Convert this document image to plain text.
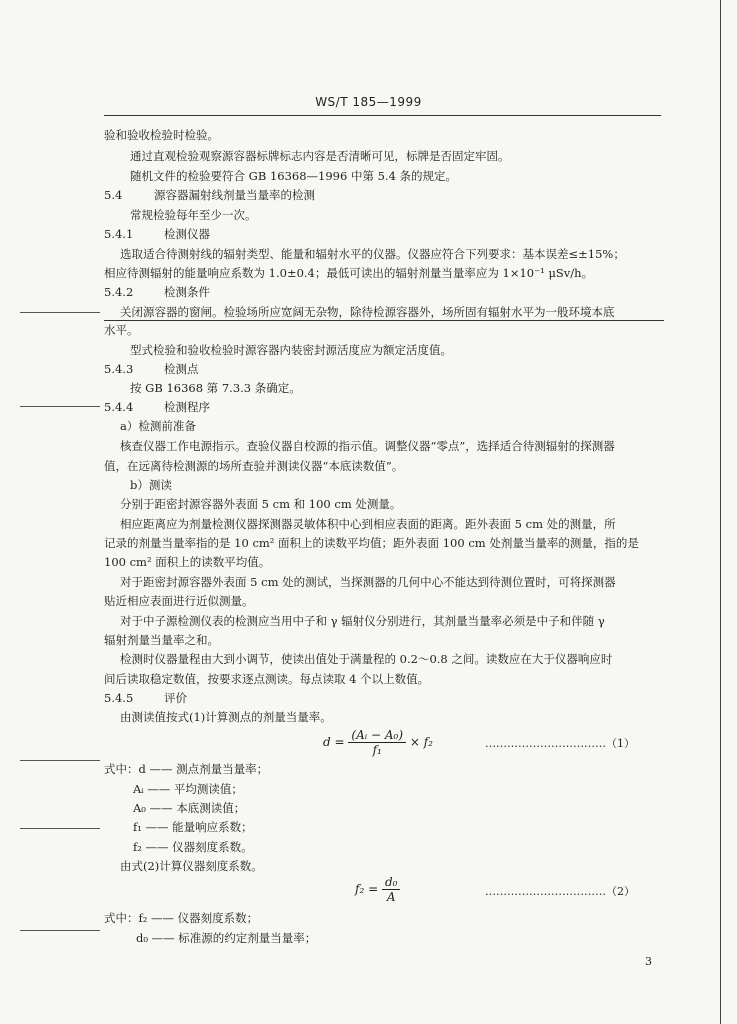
WS/T 185—1999
验和验收检验时检验。
通过直观检验观察源容器标牌标志内容是否清晰可见，标牌是否固定牢固。
随机文件的检验要符合 GB 16368—1996 中第 5.4 条的规定。
5.4	源容器漏射线剂量当量率的检测
常规检验每年至少一次。
5.4.1	检测仪器
选取适合待测射线的辐射类型、能量和辐射水平的仪器。仪器应符合下列要求：基本误差≤±15%；
相应待测辐射的能量响应系数为 1.0±0.4；最低可读出的辐射剂量当量率应为 1×10⁻¹ μSv/h。
5.4.2	检测条件
关闭源容器的窗闸。检验场所应宽阔无杂物，除待检源容器外，场所固有辐射水平为一般环境本底
水平。
型式检验和验收检验时源容器内装密封源活度应为额定活度值。
5.4.3	检测点
按 GB 16368 第 7.3.3 条确定。
5.4.4	检测程序
a）检测前准备
核查仪器工作电源指示。查验仪器自校源的指示值。调整仪器“零点”，选择适合待测辐射的探测器
值，在远离待检测源的场所查验并测读仪器“本底读数值”。
b）测读
分别于距密封源容器外表面 5 cm 和 100 cm 处测量。
相应距离应为剂量检测仪器探测器灵敏体积中心到相应表面的距离。距外表面 5 cm 处的测量，所
记录的剂量当量率指的是 10 cm² 面积上的读数平均值；距外表面 100 cm 处剂量当量率的测量，指的是
100 cm² 面积上的读数平均值。
对于距密封源容器外表面 5 cm 处的测试，当探测器的几何中心不能达到待测位置时，可将探测器
贴近相应表面进行近似测量。
对于中子源检测仪表的检测应当用中子和 γ 辐射仪分别进行，其剂量当量率必须是中子和伴随 γ
辐射剂量当量率之和。
检测时仪器量程由大到小调节，使读出值处于满量程的 0.2～0.8 之间。读数应在大于仪器响应时
间后读取稳定数值，按要求逐点测读。每点读取 4 个以上数值。
5.4.5	评价
由测读值按式(1)计算测点的剂量当量率。
$d = \frac{\text{(Aᵢ − A₀)}}{\text{f₁}} \times f_2$	……………………………（1）
式中：d —— 测点剂量当量率；
Aᵢ —— 平均测读值；
A₀ —— 本底测读值；
f₁ —— 能量响应系数；
f₂ —— 仪器刻度系数。
由式(2)计算仪器刻度系数。
$f_2 = \frac{\text{d₀}}{A}$	……………………………（2）
式中：f₂ —— 仪器刻度系数；
d₀ —— 标准源的约定剂量当量率；
3
